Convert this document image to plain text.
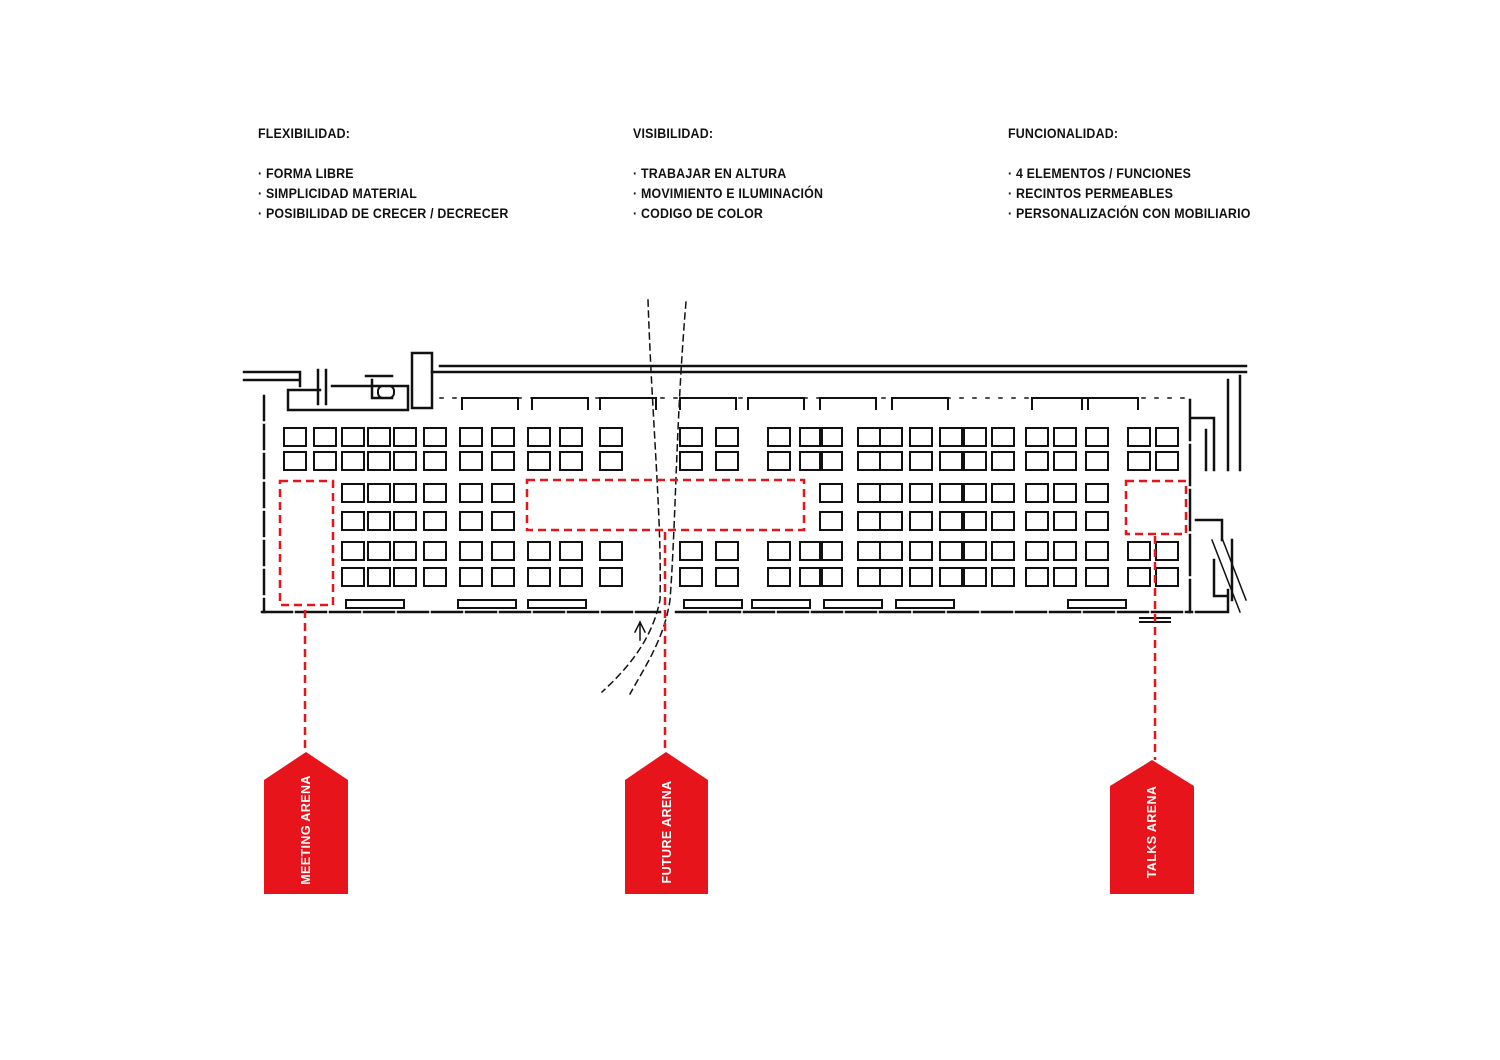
FLEXIBILIDAD:
· FORMA LIBRE
· SIMPLICIDAD MATERIAL
· POSIBILIDAD DE CRECER / DECRECER
VISIBILIDAD:
· TRABAJAR EN ALTURA
· MOVIMIENTO E ILUMINACIÓN
· CODIGO DE COLOR
FUNCIONALIDAD:
· 4 ELEMENTOS / FUNCIONES
· RECINTOS PERMEABLES
· PERSONALIZACIÓN CON MOBILIARIO
MEETING ARENA	FUTURE ARENA	TALKS ARENA
